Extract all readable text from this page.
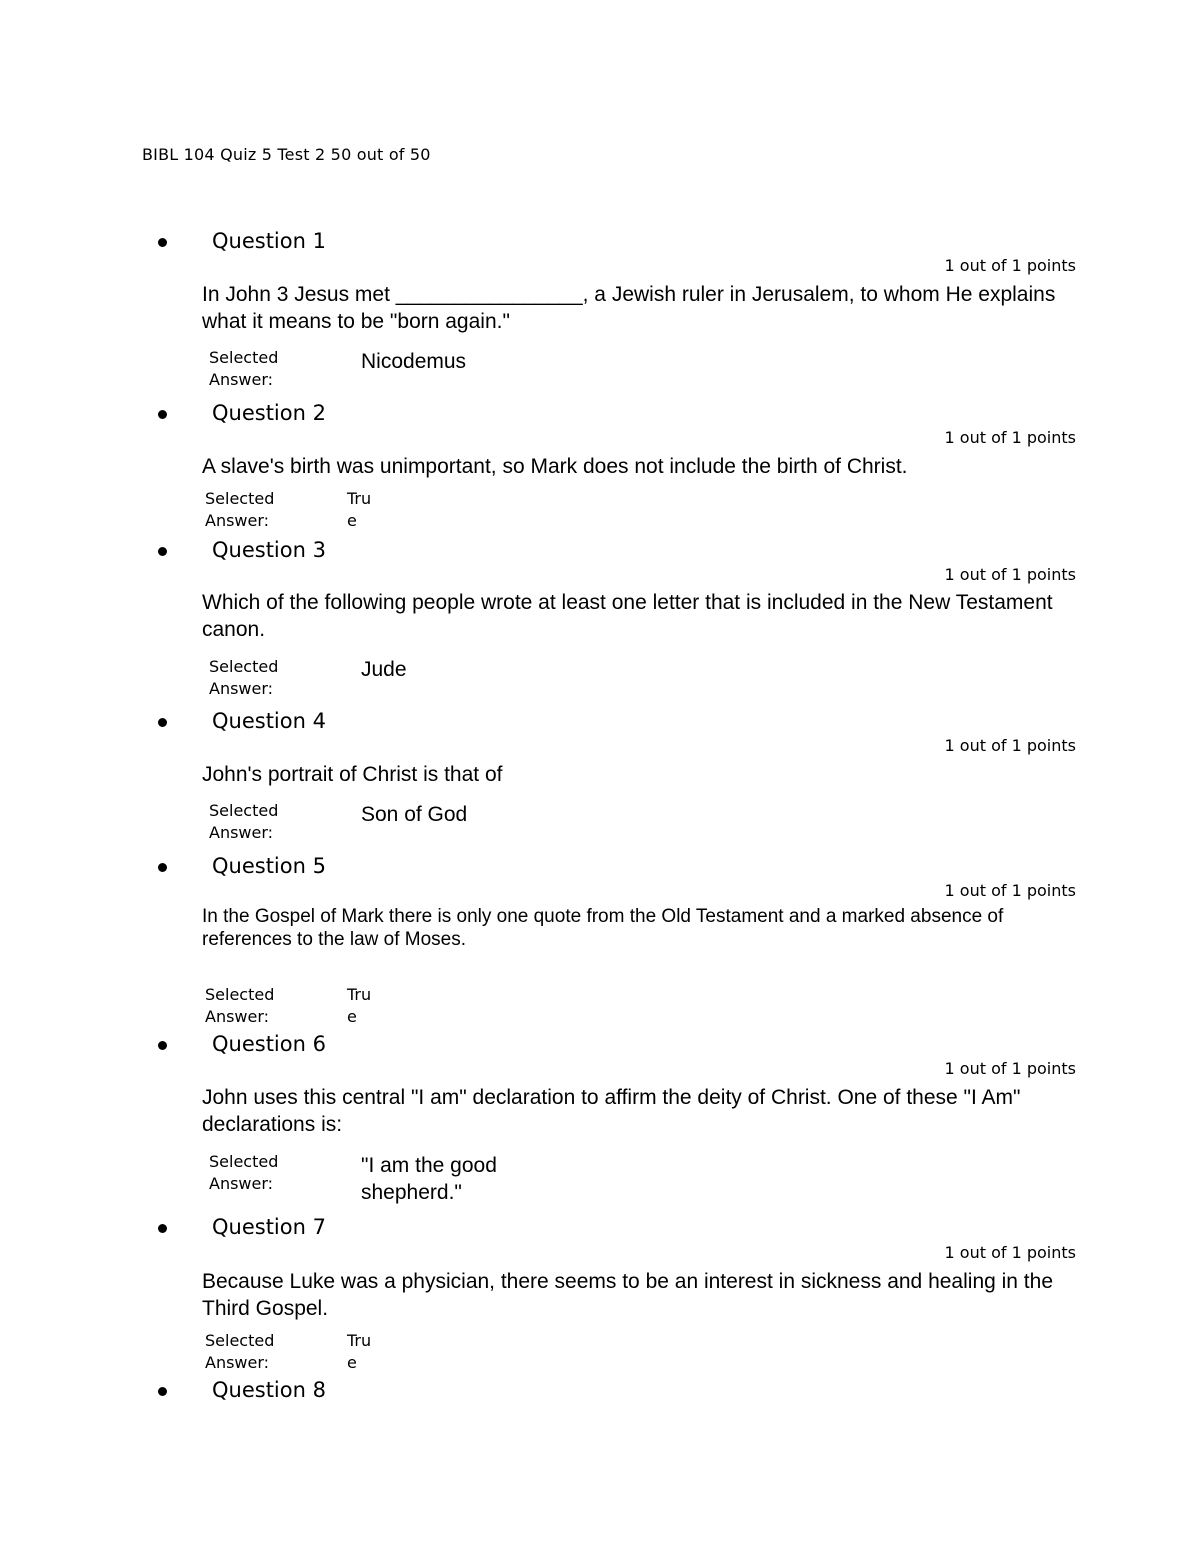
BIBL 104 Quiz 5 Test 2 50 out of 50
Question 1
1 out of 1 points
In John 3 Jesus met ________________, a Jewish ruler in Jerusalem, to whom He explains what it means to be "born again."
Selected
Answer:
Nicodemus
Question 2
1 out of 1 points
A slave's birth was unimportant, so Mark does not include the birth of Christ.
Selected
Answer:
True
Question 3
1 out of 1 points
Which of the following people wrote at least one letter that is included in the New Testament canon.
Selected
Answer:
Jude
Question 4
1 out of 1 points
John's portrait of Christ is that of
Selected
Answer:
Son of God
Question 5
1 out of 1 points
In the Gospel of Mark there is only one quote from the Old Testament and a marked absence of references to the law of Moses.
Selected
Answer:
True
Question 6
1 out of 1 points
John uses this central "I am" declaration to affirm the deity of Christ. One of these "I Am" declarations is:
Selected
Answer:
"I am the good shepherd."
Question 7
1 out of 1 points
Because Luke was a physician, there seems to be an interest in sickness and healing in the Third Gospel.
Selected
Answer:
True
Question 8
